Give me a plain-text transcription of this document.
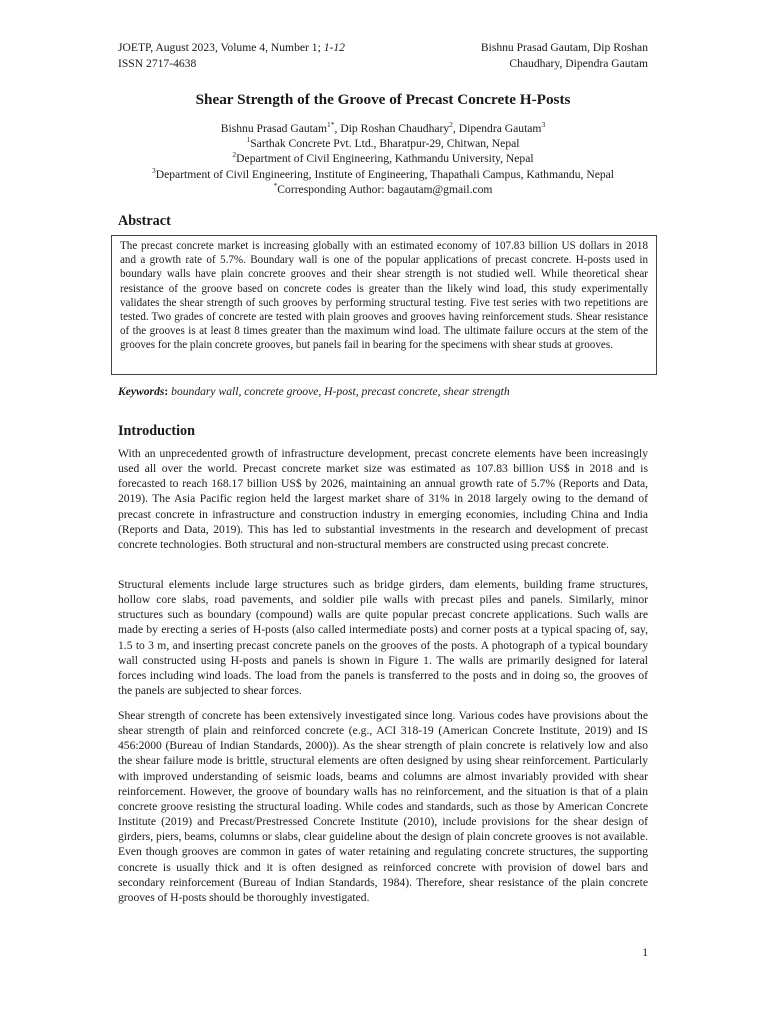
JOETP, August 2023, Volume 4, Number 1; 1-12
ISSN 2717-4638
Bishnu Prasad Gautam, Dip Roshan
Chaudhary, Dipendra Gautam
Shear Strength of the Groove of Precast Concrete H-Posts
Bishnu Prasad Gautam$^{1*}$, Dip Roshan Chaudhary$^2$, Dipendra Gautam$^3$
$^1$Sarthak Concrete Pvt. Ltd., Bharatpur-29, Chitwan, Nepal
$^2$Department of Civil Engineering, Kathmandu University, Nepal
$^3$Department of Civil Engineering, Institute of Engineering, Thapathali Campus, Kathmandu, Nepal
*Corresponding Author: bagautam@gmail.com
Abstract
The precast concrete market is increasing globally with an estimated economy of 107.83 billion US dollars in 2018 and a growth rate of 5.7%. Boundary wall is one of the popular applications of precast concrete. H-posts used in boundary walls have plain concrete grooves and their shear strength is not studied well. While theoretical shear resistance of the groove based on concrete codes is greater than the likely wind load, this study experimentally validates the shear strength of such grooves by performing structural testing. Five test series with two repetitions are tested. Two grades of concrete are tested with plain grooves and grooves having reinforcement studs. Shear resistance of the grooves is at least 8 times greater than the maximum wind load. The ultimate failure occurs at the stem of the grooves for the plain concrete grooves, but panels fail in bearing for the specimens with shear studs at grooves.
Keywords: boundary wall, concrete groove, H-post, precast concrete, shear strength
Introduction
With an unprecedented growth of infrastructure development, precast concrete elements have been increasingly used all over the world. Precast concrete market size was estimated as 107.83 billion US$ in 2018 and is forecasted to reach 168.17 billion US$ by 2026, maintaining an annual growth rate of 5.7% (Reports and Data, 2019). The Asia Pacific region held the largest market share of 31% in 2018 largely owing to the demand of precast concrete in infrastructure and construction industry in emerging economies, including China and India (Reports and Data, 2019). This has led to substantial investments in the research and development of precast concrete technologies. Both structural and non-structural members are constructed using precast concrete.
Structural elements include large structures such as bridge girders, dam elements, building frame structures, hollow core slabs, road pavements, and soldier pile walls with precast piles and panels. Similarly, minor structures such as boundary (compound) walls are quite popular precast concrete applications. Such walls are made by erecting a series of H-posts (also called intermediate posts) and corner posts at a typical spacing of, say, 1.5 to 3 m, and inserting precast concrete panels on the grooves of the posts. A photograph of a typical boundary wall constructed using H-posts and panels is shown in Figure 1. The walls are primarily designed for lateral forces including wind loads. The load from the panels is transferred to the posts and in doing so, the grooves of the panels are subjected to shear forces.
Shear strength of concrete has been extensively investigated since long. Various codes have provisions about the shear strength of plain and reinforced concrete (e.g., ACI 318-19 (American Concrete Institute, 2019) and IS 456:2000 (Bureau of Indian Standards, 2000)). As the shear strength of plain concrete is relatively low and also the shear failure mode is brittle, structural elements are often designed by using shear reinforcement. Particularly with improved understanding of seismic loads, beams and columns are almost invariably provided with shear reinforcement. However, the groove of boundary walls has no reinforcement, and the situation is that of a plain concrete groove resisting the structural loading. While codes and standards, such as those by American Concrete Institute (2019) and Precast/Prestressed Concrete Institute (2010), include provisions for the shear design of girders, piers, beams, columns or slabs, clear guideline about the design of plain concrete grooves is not available. Even though grooves are common in gates of water retaining and regulating concrete structures, the supporting concrete is usually thick and it is often designed as reinforced concrete with provision of dowel bars and secondary reinforcement (Bureau of Indian Standards, 1984). Therefore, shear resistance of the plain concrete grooves of H-posts should be thoroughly investigated.
1
